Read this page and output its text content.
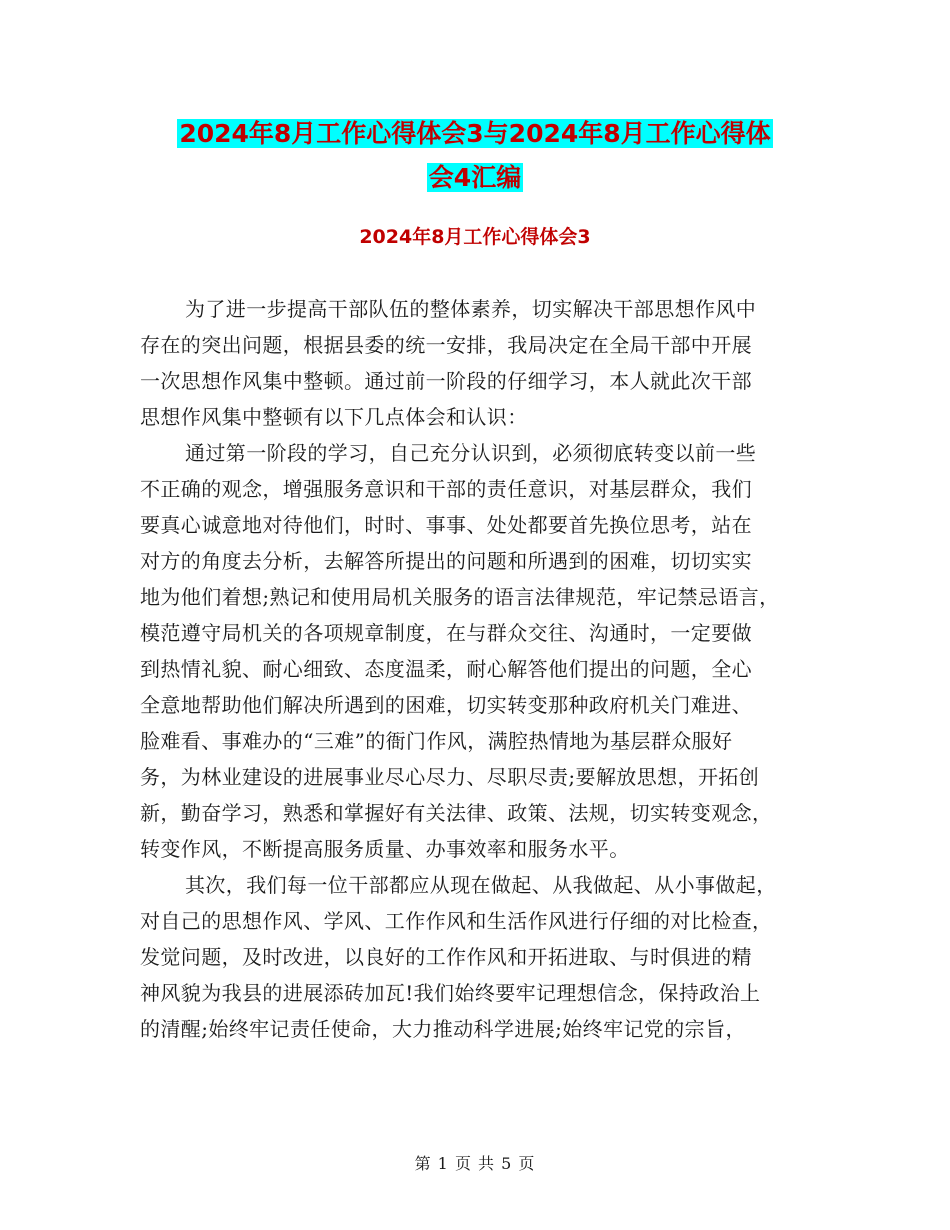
2024年8月工作心得体会3与2024年8月工作心得体
会4汇编
2024年8月工作心得体会3
为了进一步提高干部队伍的整体素养，切实解决干部思想作风中
存在的突出问题，根据县委的统一安排，我局决定在全局干部中开展
一次思想作风集中整顿。通过前一阶段的仔细学习，本人就此次干部
思想作风集中整顿有以下几点体会和认识：
通过第一阶段的学习，自己充分认识到，必须彻底转变以前一些
不正确的观念，增强服务意识和干部的责任意识，对基层群众，我们
要真心诚意地对待他们，时时、事事、处处都要首先换位思考，站在
对方的角度去分析，去解答所提出的问题和所遇到的困难，切切实实
地为他们着想;熟记和使用局机关服务的语言法律规范，牢记禁忌语言，
模范遵守局机关的各项规章制度，在与群众交往、沟通时，一定要做
到热情礼貌、耐心细致、态度温柔，耐心解答他们提出的问题，全心
全意地帮助他们解决所遇到的困难，切实转变那种政府机关门难进、
脸难看、事难办的“三难”的衙门作风，满腔热情地为基层群众服好
务，为林业建设的进展事业尽心尽力、尽职尽责;要解放思想，开拓创
新，勤奋学习，熟悉和掌握好有关法律、政策、法规，切实转变观念，
转变作风，不断提高服务质量、办事效率和服务水平。
其次，我们每一位干部都应从现在做起、从我做起、从小事做起，
对自己的思想作风、学风、工作作风和生活作风进行仔细的对比检查，
发觉问题，及时改进，以良好的工作作风和开拓进取、与时俱进的精
神风貌为我县的进展添砖加瓦!我们始终要牢记理想信念，保持政治上
的清醒;始终牢记责任使命，大力推动科学进展;始终牢记党的宗旨，
第 1 页 共 5 页
